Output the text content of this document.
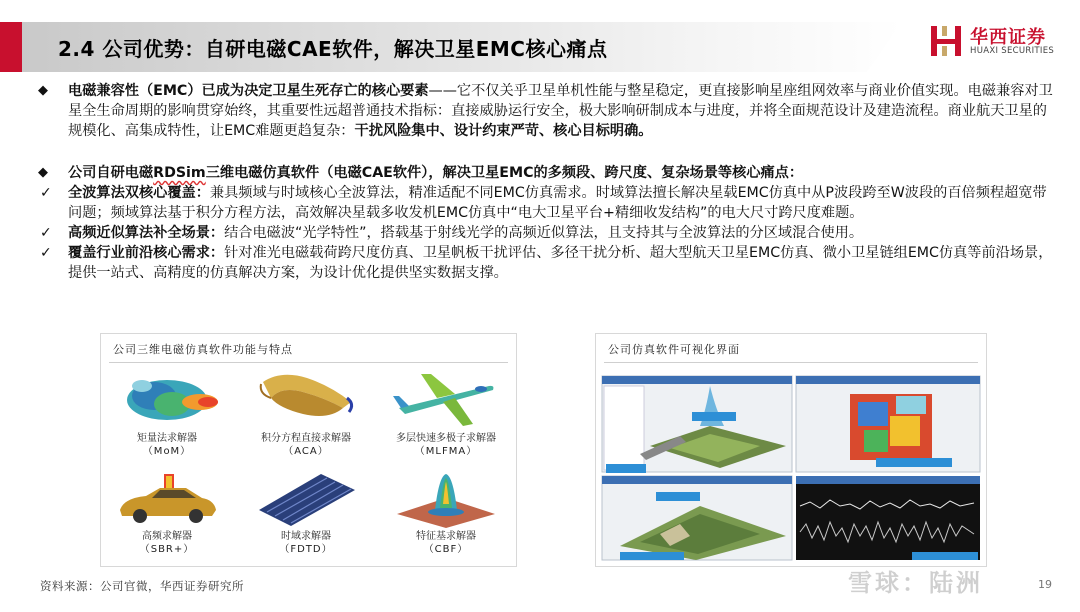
2.4 公司优势：自研电磁CAE软件，解决卫星EMC核心痛点	华西证券
HUAXI SECURITIES

◆ 电磁兼容性（EMC）已成为决定卫星生死存亡的核心要素——它不仅关乎卫星单机性能与整星稳定，更直接影响星座组网效率与商业价值实现。电磁兼容对卫星全生命周期的影响贯穿始终，其重要性远超普通技术指标：直接威胁运行安全，极大影响研制成本与进度，并将全面规范设计及建造流程。商业航天卫星的规模化、高集成特性，让EMC难题更趋复杂：干扰风险集中、设计约束严苛、核心目标明确。

◆ 公司自研电磁RDSim三维电磁仿真软件（电磁CAE软件），解决卫星EMC的多频段、跨尺度、复杂场景等核心痛点：

✓ 全波算法双核心覆盖：兼具频域与时域核心全波算法，精准适配不同EMC仿真需求。时域算法擅长解决星载EMC仿真中从P波段跨至W波段的百倍频程超宽带问题；频域算法基于积分方程方法，高效解决星载多收发机EMC仿真中“电大卫星平台+精细收发结构”的电大尺寸跨尺度难题。

✓ 高频近似算法补全场景：结合电磁波“光学特性”，搭载基于射线光学的高频近似算法，且支持其与全波算法的分区域混合使用。

✓ 覆盖行业前沿核心需求：针对准光电磁载荷跨尺度仿真、卫星帆板干扰评估、多径干扰分析、超大型航天卫星EMC仿真、微小卫星链组EMC仿真等前沿场景，提供一站式、高精度的仿真解决方案，为设计优化提供坚实数据支撑。

公司三维电磁仿真软件功能与特点
矩量法求解器
（MoM）
积分方程直接求解器
（ACA）
多层快速多极子求解器
（MLFMA）
高频求解器
（SBR+）
时域求解器
（FDTD）
特征基求解器
（CBF）
公司仿真软件可视化界面
资料来源：公司官微，华西证券研究所	雪球：陆洲	19
